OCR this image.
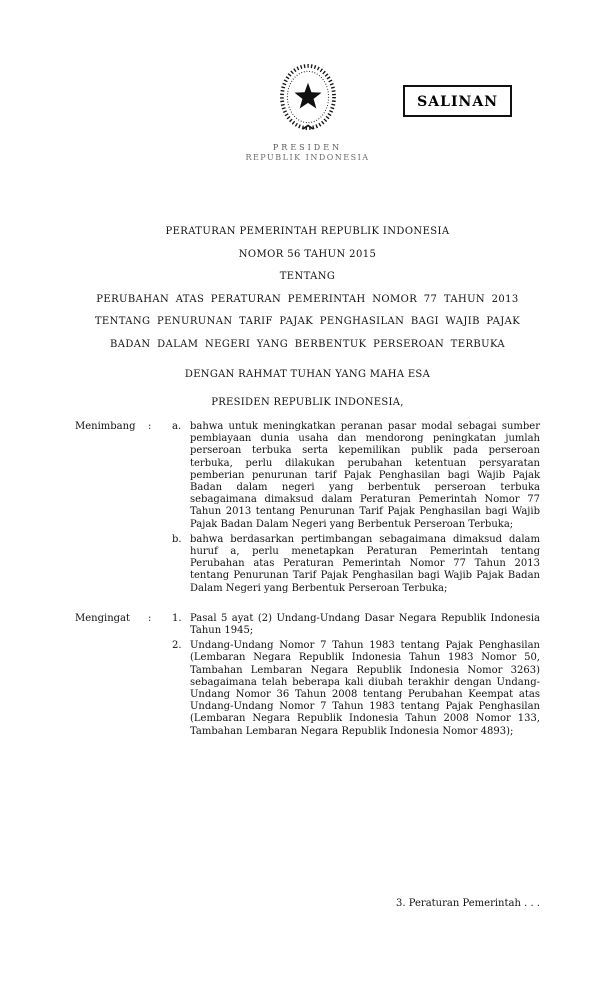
SALINAN
PRESIDEN
REPUBLIK INDONESIA
PERATURAN PEMERINTAH REPUBLIK INDONESIA
NOMOR 56 TAHUN 2015
TENTANG
PERUBAHAN ATAS PERATURAN PEMERINTAH NOMOR 77 TAHUN 2013
TENTANG PENURUNAN TARIF PAJAK PENGHASILAN BAGI WAJIB PAJAK
BADAN DALAM NEGERI YANG BERBENTUK PERSEROAN TERBUKA
DENGAN RAHMAT TUHAN YANG MAHA ESA
PRESIDEN REPUBLIK INDONESIA,
Menimbang	:	a. bahwa untuk meningkatkan peranan pasar modal sebagai sumber pembiayaan dunia usaha dan mendorong peningkatan jumlah perseroan terbuka serta kepemilikan publik pada perseroan terbuka, perlu dilakukan perubahan ketentuan persyaratan pemberian penurunan tarif Pajak Penghasilan bagi Wajib Pajak Badan dalam negeri yang berbentuk perseroan terbuka sebagaimana dimaksud dalam Peraturan Pemerintah Nomor 77 Tahun 2013 tentang Penurunan Tarif Pajak Penghasilan bagi Wajib Pajak Badan Dalam Negeri yang Berbentuk Perseroan Terbuka;
b. bahwa berdasarkan pertimbangan sebagaimana dimaksud dalam huruf a, perlu menetapkan Peraturan Pemerintah tentang Perubahan atas Peraturan Pemerintah Nomor 77 Tahun 2013 tentang Penurunan Tarif Pajak Penghasilan bagi Wajib Pajak Badan Dalam Negeri yang Berbentuk Perseroan Terbuka;
Mengingat	:	1. Pasal 5 ayat (2) Undang-Undang Dasar Negara Republik Indonesia Tahun 1945;
2. Undang-Undang Nomor 7 Tahun 1983 tentang Pajak Penghasilan (Lembaran Negara Republik Indonesia Tahun 1983 Nomor 50, Tambahan Lembaran Negara Republik Indonesia Nomor 3263) sebagaimana telah beberapa kali diubah terakhir dengan Undang-Undang Nomor 36 Tahun 2008 tentang Perubahan Keempat atas Undang-Undang Nomor 7 Tahun 1983 tentang Pajak Penghasilan (Lembaran Negara Republik Indonesia Tahun 2008 Nomor 133, Tambahan Lembaran Negara Republik Indonesia Nomor 4893);
3. Peraturan Pemerintah . . .
